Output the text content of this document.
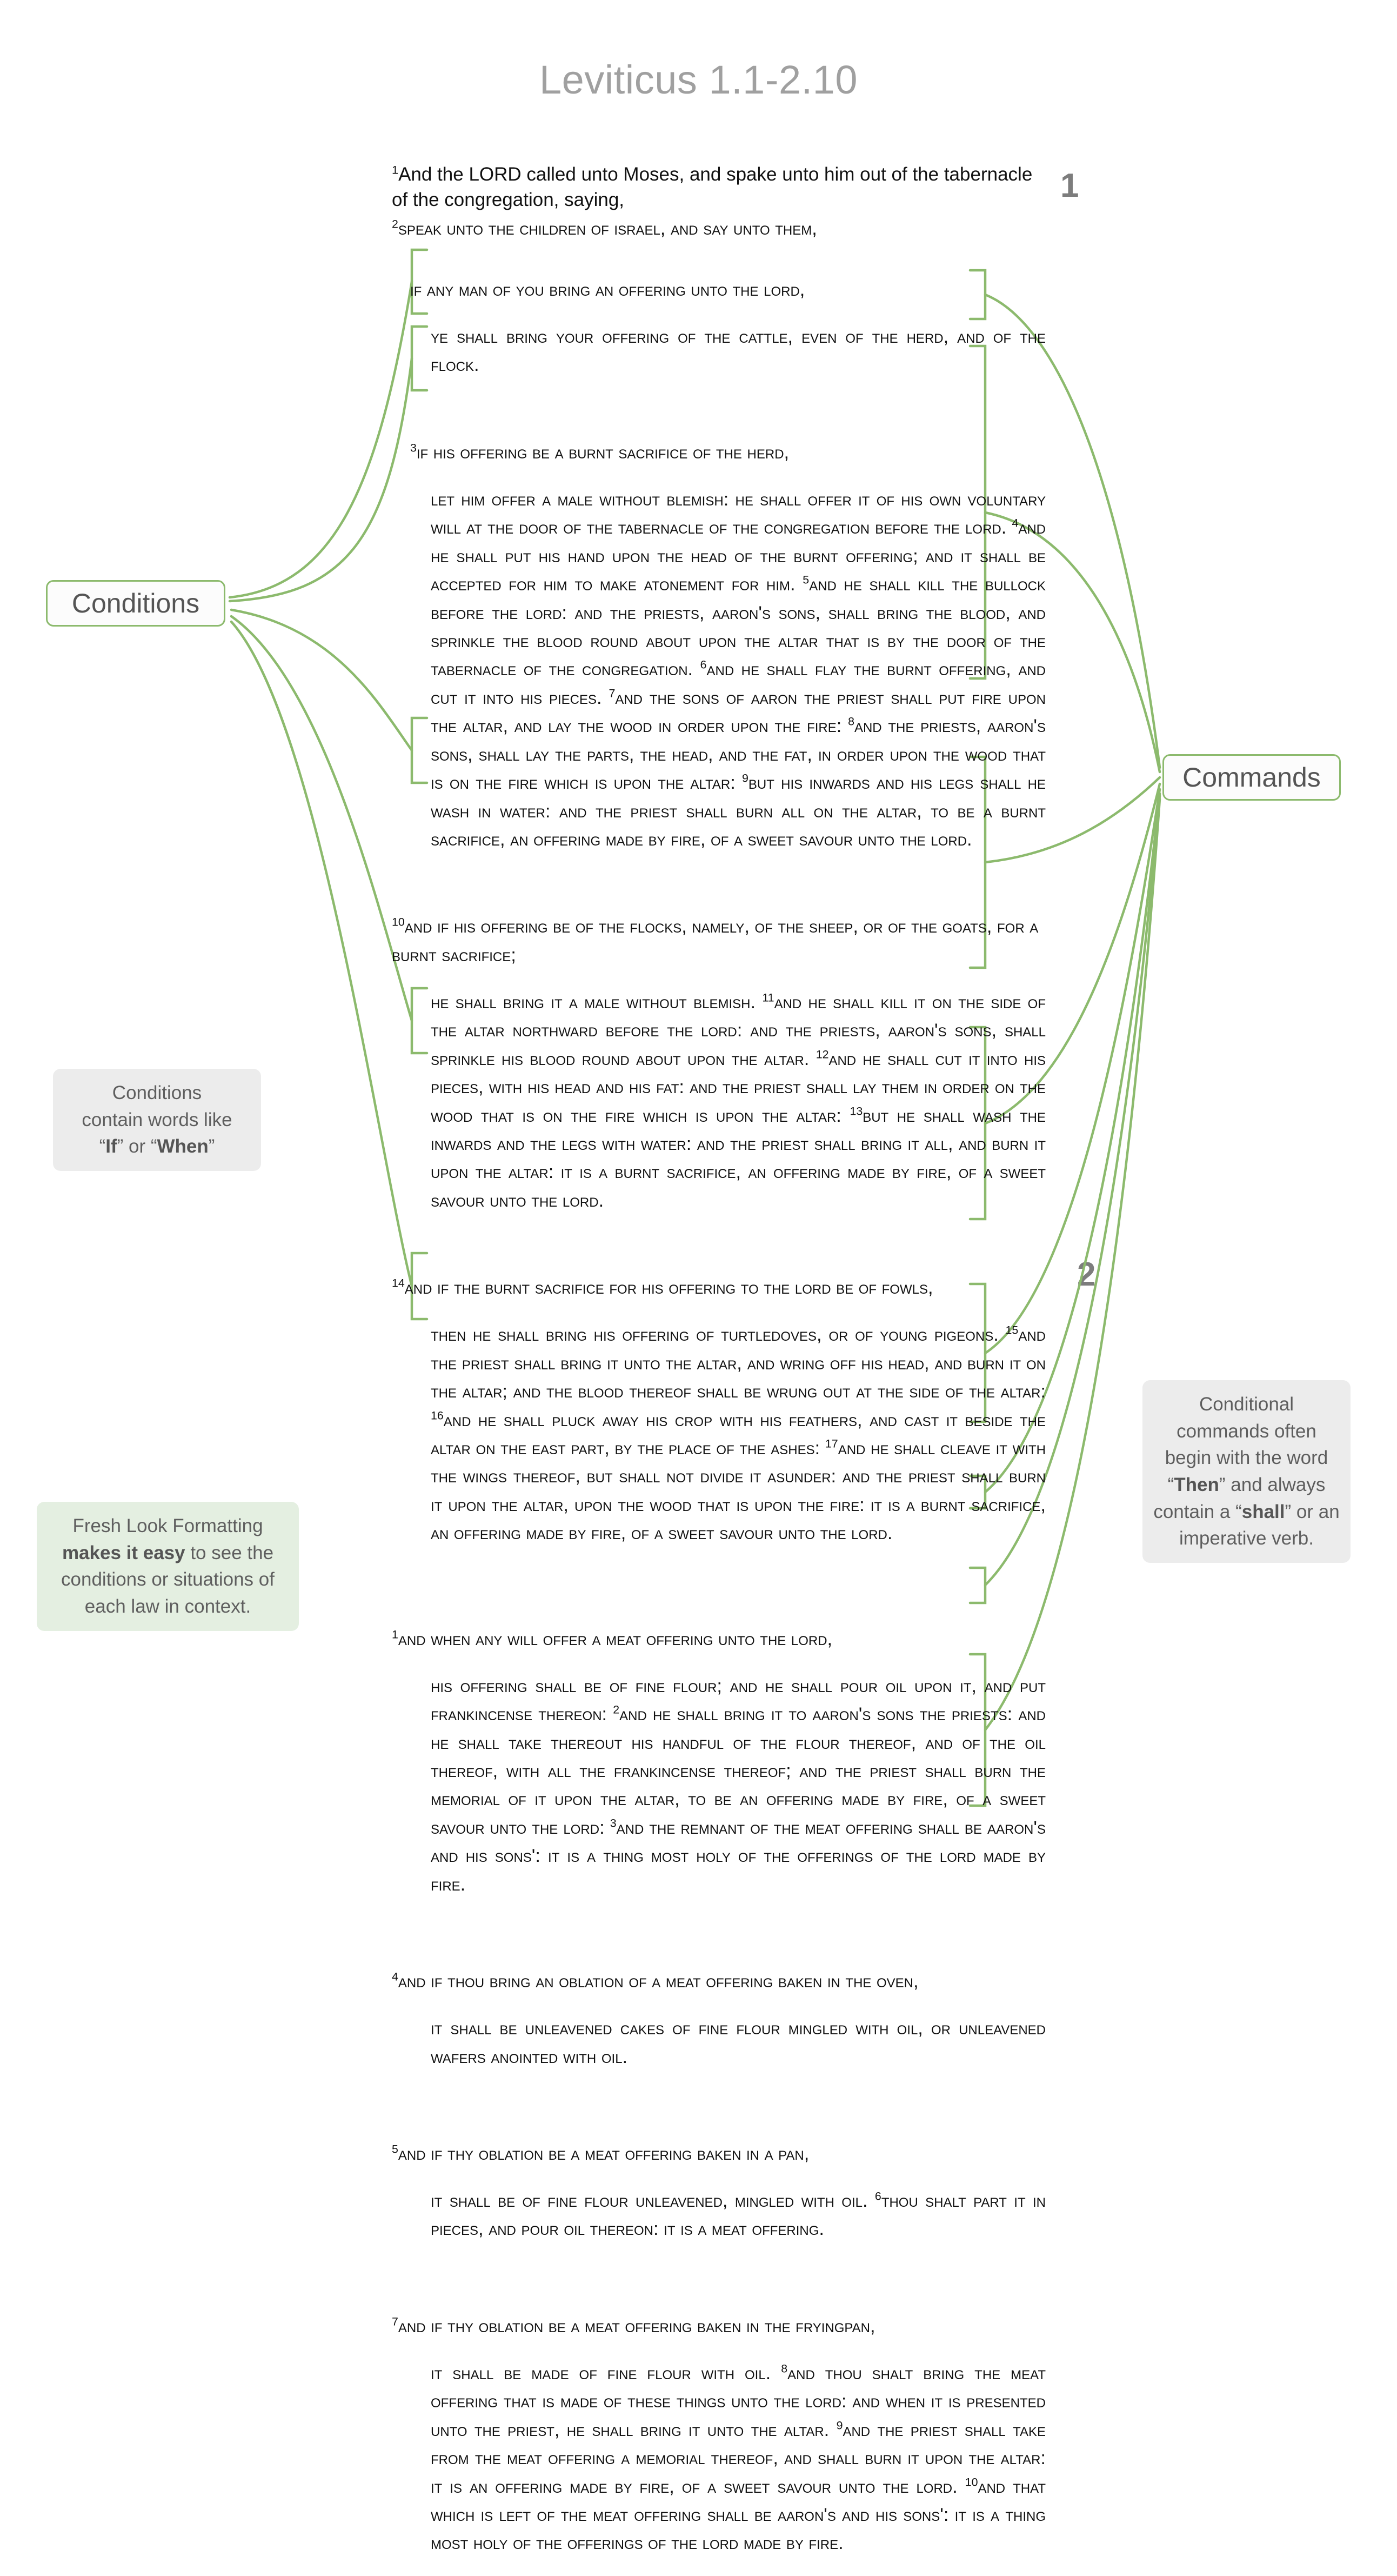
Leviticus 1.1-2.10
1
2
Conditions
Commands
Conditions
contain words like
“If” or “When”
Fresh Look Formatting makes it easy to see the conditions or situations of each law in context.
Conditional commands often begin with the word “Then” and always contain a “shall” or an imperative verb.

$^1$And the LORD called unto Moses, and spake unto him out of the tabernacle of the congregation, saying,

$^2$speak unto the children of israel, and say unto them,

if any man of you bring an offering unto the lord,

ye shall bring your offering of the cattle, even of the herd, and of the flock.

$^3$if his offering be a burnt sacrifice of the herd,

let him offer a male without blemish: he shall offer it of his own voluntary will at the door of the tabernacle of the congregation before the lord. $^4$and he shall put his hand upon the head of the burnt offering; and it shall be accepted for him to make atonement for him. $^5$and he shall kill the bullock before the lord: and the priests, aaron's sons, shall bring the blood, and sprinkle the blood round about upon the altar that is by the door of the tabernacle of the congregation. $^6$and he shall flay the burnt offering, and cut it into his pieces. $^7$and the sons of aaron the priest shall put fire upon the altar, and lay the wood in order upon the fire: $^8$and the priests, aaron's sons, shall lay the parts, the head, and the fat, in order upon the wood that is on the fire which is upon the altar: $^9$but his inwards and his legs shall he wash in water: and the priest shall burn all on the altar, to be a burnt sacrifice, an offering made by fire, of a sweet savour unto the lord.

$^{10}$and if his offering be of the flocks, namely, of the sheep, or of the goats, for a burnt sacrifice;

he shall bring it a male without blemish. $^{11}$and he shall kill it on the side of the altar northward before the lord: and the priests, aaron's sons, shall sprinkle his blood round about upon the altar. $^{12}$and he shall cut it into his pieces, with his head and his fat: and the priest shall lay them in order on the wood that is on the fire which is upon the altar: $^{13}$but he shall wash the inwards and the legs with water: and the priest shall bring it all, and burn it upon the altar: it is a burnt sacrifice, an offering made by fire, of a sweet savour unto the lord.

$^{14}$and if the burnt sacrifice for his offering to the lord be of fowls,

then he shall bring his offering of turtledoves, or of young pigeons. $^{15}$and the priest shall bring it unto the altar, and wring off his head, and burn it on the altar; and the blood thereof shall be wrung out at the side of the altar: $^{16}$and he shall pluck away his crop with his feathers, and cast it beside the altar on the east part, by the place of the ashes: $^{17}$and he shall cleave it with the wings thereof, but shall not divide it asunder: and the priest shall burn it upon the altar, upon the wood that is upon the fire: it is a burnt sacrifice, an offering made by fire, of a sweet savour unto the lord.

$^1$and when any will offer a meat offering unto the lord,

his offering shall be of fine flour; and he shall pour oil upon it, and put frankincense thereon: $^2$and he shall bring it to aaron's sons the priests: and he shall take thereout his handful of the flour thereof, and of the oil thereof, with all the frankincense thereof; and the priest shall burn the memorial of it upon the altar, to be an offering made by fire, of a sweet savour unto the lord: $^3$and the remnant of the meat offering shall be aaron's and his sons': it is a thing most holy of the offerings of the lord made by fire.

$^4$and if thou bring an oblation of a meat offering baken in the oven,

it shall be unleavened cakes of fine flour mingled with oil, or unleavened wafers anointed with oil.

$^5$and if thy oblation be a meat offering baken in a pan,

it shall be of fine flour unleavened, mingled with oil. $^6$thou shalt part it in pieces, and pour oil thereon: it is a meat offering.

$^7$and if thy oblation be a meat offering baken in the fryingpan,

it shall be made of fine flour with oil. $^8$and thou shalt bring the meat offering that is made of these things unto the lord: and when it is presented unto the priest, he shall bring it unto the altar. $^9$and the priest shall take from the meat offering a memorial thereof, and shall burn it upon the altar: it is an offering made by fire, of a sweet savour unto the lord. $^{10}$and that which is left of the meat offering shall be aaron's and his sons': it is a thing most holy of the offerings of the lord made by fire.
